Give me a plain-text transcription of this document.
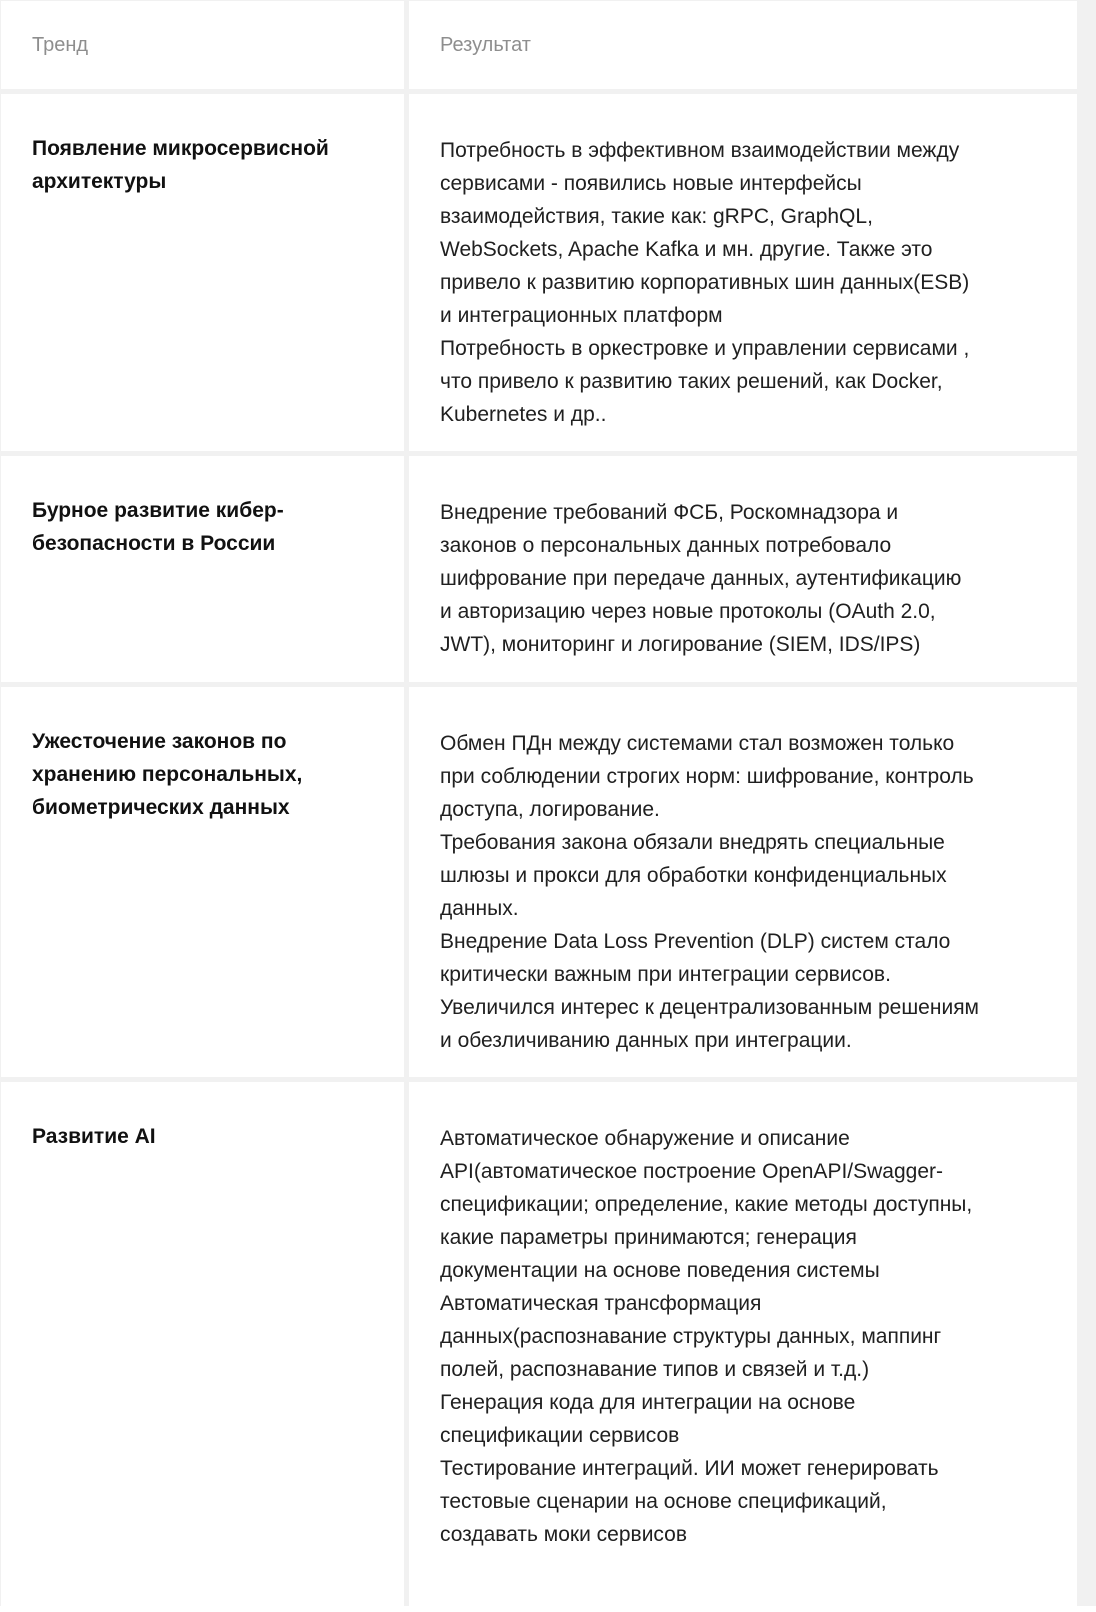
Тренд	Результат
Появление микросервисной
архитектуры
Потребность в эффективном взаимодействии между
сервисами - появились новые интерфейсы
взаимодействия, такие как: gRPC, GraphQL,
WebSockets, Apache Kafka и мн. другие. Также это
привело к развитию корпоративных шин данных(ESB)
и интеграционных платформ
Потребность в оркестровке и управлении сервисами ,
что привело к развитию таких решений, как Docker,
Kubernetes и др..
Бурное развитие кибер-
безопасности в России
Внедрение требований ФСБ, Роскомнадзора и
законов о персональных данных потребовало
шифрование при передаче данных, аутентификацию
и авторизацию через новые протоколы (OAuth 2.0,
JWT), мониторинг и логирование (SIEM, IDS/IPS)
Ужесточение законов по
хранению персональных,
биометрических данных
Обмен ПДн между системами стал возможен только
при соблюдении строгих норм: шифрование, контроль
доступа, логирование.
Требования закона обязали внедрять специальные
шлюзы и прокси для обработки конфиденциальных
данных.
Внедрение Data Loss Prevention (DLP) систем стало
критически важным при интеграции сервисов.
Увеличился интерес к децентрализованным решениям
и обезличиванию данных при интеграции.
Развитие AI	Автоматическое обнаружение и описание
API(автоматическое построение OpenAPI/Swagger-
спецификации; определение, какие методы доступны,
какие параметры принимаются; генерация
документации на основе поведения системы
Автоматическая трансформация
данных(распознавание структуры данных, маппинг
полей, распознавание типов и связей и т.д.)
Генерация кода для интеграции на основе
спецификации сервисов
Тестирование интеграций. ИИ может генерировать
тестовые сценарии на основе спецификаций,
создавать моки сервисов
